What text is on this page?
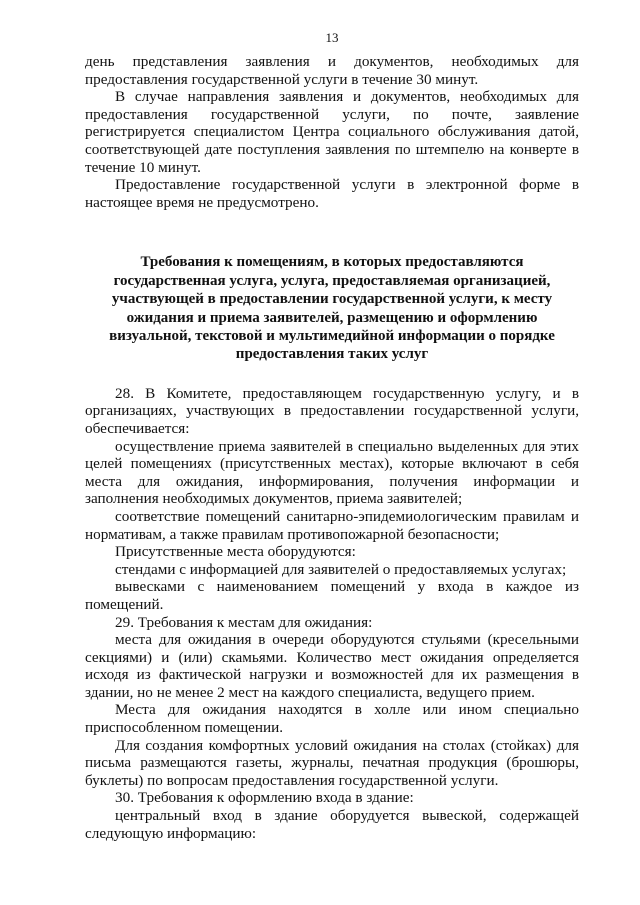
13

день представления заявления и документов, необходимых для предоставления государственной услуги в течение 30 минут.

В случае направления заявления и документов, необходимых для предоставления государственной услуги, по почте, заявление регистрируется специалистом Центра социального обслуживания датой, соответствующей дате поступления заявления по штемпелю на конверте в течение 10 минут.

Предоставление государственной услуги в электронной форме в настоящее время не предусмотрено.

Требования к помещениям, в которых предоставляются государственная услуга, услуга, предоставляемая организацией, участвующей в предоставлении государственной услуги, к месту ожидания и приема заявителей, размещению и оформлению визуальной, текстовой и мультимедийной информации о порядке предоставления таких услуг

28. В Комитете, предоставляющем государственную услугу, и в организациях, участвующих в предоставлении государственной услуги, обеспечивается:

осуществление приема заявителей в специально выделенных для этих целей помещениях (присутственных местах), которые включают в себя места для ожидания, информирования, получения информации и заполнения необходимых документов, приема заявителей;

соответствие помещений санитарно-эпидемиологическим правилам и нормативам, а также правилам противопожарной безопасности;

Присутственные места оборудуются:

стендами с информацией для заявителей о предоставляемых услугах;

вывесками с наименованием помещений у входа в каждое из помещений.

29. Требования к местам для ожидания:

места для ожидания в очереди оборудуются стульями (кресельными секциями) и (или) скамьями. Количество мест ожидания определяется исходя из фактической нагрузки и возможностей для их размещения в здании, но не менее 2 мест на каждого специалиста, ведущего прием.

Места для ожидания находятся в холле или ином специально приспособленном помещении.

Для создания комфортных условий ожидания на столах (стойках) для письма размещаются газеты, журналы, печатная продукция (брошюры, буклеты) по вопросам предоставления государственной услуги.

30. Требования к оформлению входа в здание:

центральный вход в здание оборудуется вывеской, содержащей следующую информацию:
